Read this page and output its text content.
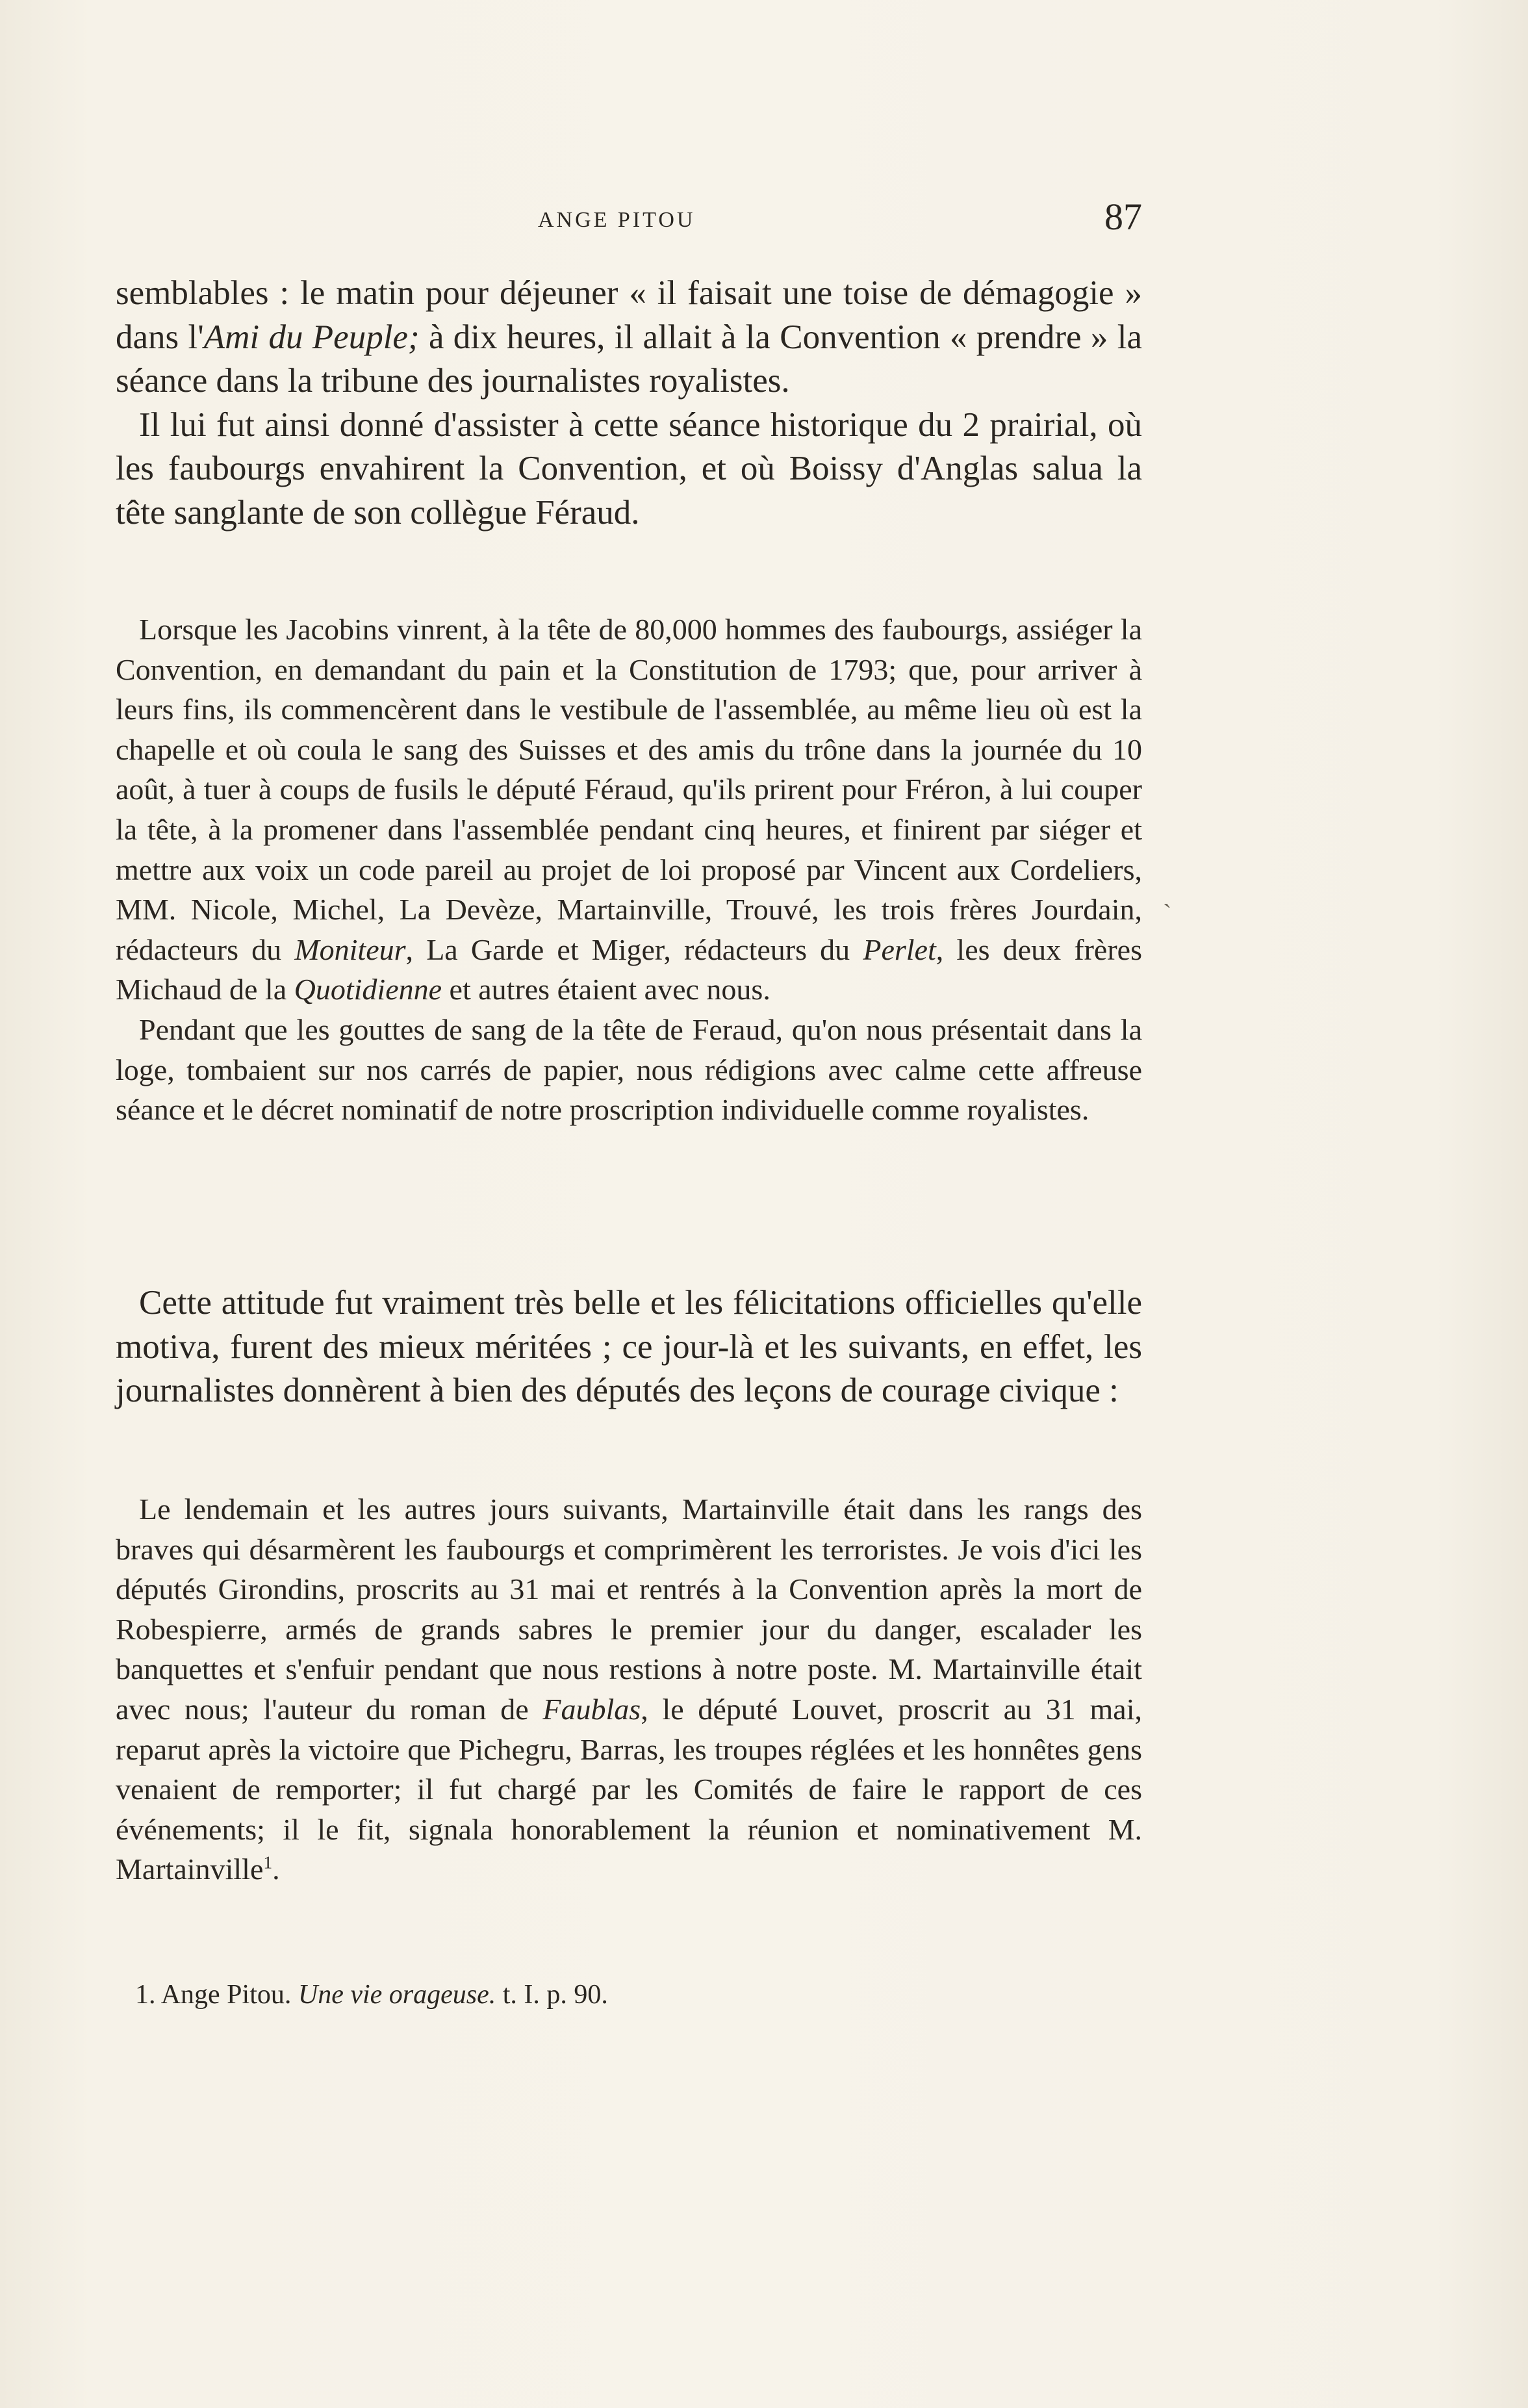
ANGE PITOU	87

semblables : le matin pour déjeuner « il faisait une toise de démagogie » dans l'Ami du Peuple; à dix heures, il allait à la Convention « prendre » la séance dans la tribune des journalistes royalistes.

Il lui fut ainsi donné d'assister à cette séance historique du 2 prairial, où les faubourgs envahirent la Convention, et où Boissy d'Anglas salua la tête sanglante de son collègue Féraud.

Lorsque les Jacobins vinrent, à la tête de 80,000 hommes des faubourgs, assiéger la Convention, en demandant du pain et la Constitution de 1793; que, pour arriver à leurs fins, ils commencèrent dans le vestibule de l'assemblée, au même lieu où est la chapelle et où coula le sang des Suisses et des amis du trône dans la journée du 10 août, à tuer à coups de fusils le député Féraud, qu'ils prirent pour Fréron, à lui couper la tête, à la promener dans l'assemblée pendant cinq heures, et finirent par siéger et mettre aux voix un code pareil au projet de loi proposé par Vincent aux Cordeliers, MM. Nicole, Michel, La Devèze, Martainville, Trouvé, les trois frères Jourdain, rédacteurs du Moniteur, La Garde et Miger, rédacteurs du Perlet, les deux frères Michaud de la Quotidienne et autres étaient avec nous.

Pendant que les gouttes de sang de la tête de Feraud, qu'on nous présentait dans la loge, tombaient sur nos carrés de papier, nous rédigions avec calme cette affreuse séance et le décret nominatif de notre proscription individuelle comme royalistes.

Cette attitude fut vraiment très belle et les félicitations officielles qu'elle motiva, furent des mieux méritées ; ce jour-là et les suivants, en effet, les journalistes donnèrent à bien des députés des leçons de courage civique :

Le lendemain et les autres jours suivants, Martainville était dans les rangs des braves qui désarmèrent les faubourgs et comprimèrent les terroristes. Je vois d'ici les députés Girondins, proscrits au 31 mai et rentrés à la Convention après la mort de Robespierre, armés de grands sabres le premier jour du danger, escalader les banquettes et s'enfuir pendant que nous restions à notre poste. M. Martainville était avec nous; l'auteur du roman de Faublas, le député Louvet, proscrit au 31 mai, reparut après la victoire que Pichegru, Barras, les troupes réglées et les honnêtes gens venaient de remporter; il fut chargé par les Comités de faire le rapport de ces événements; il le fit, signala honorablement la réunion et nominativement M. Martainville$^1$.

1. Ange Pitou. Une vie orageuse. t. I. p. 90.
`
